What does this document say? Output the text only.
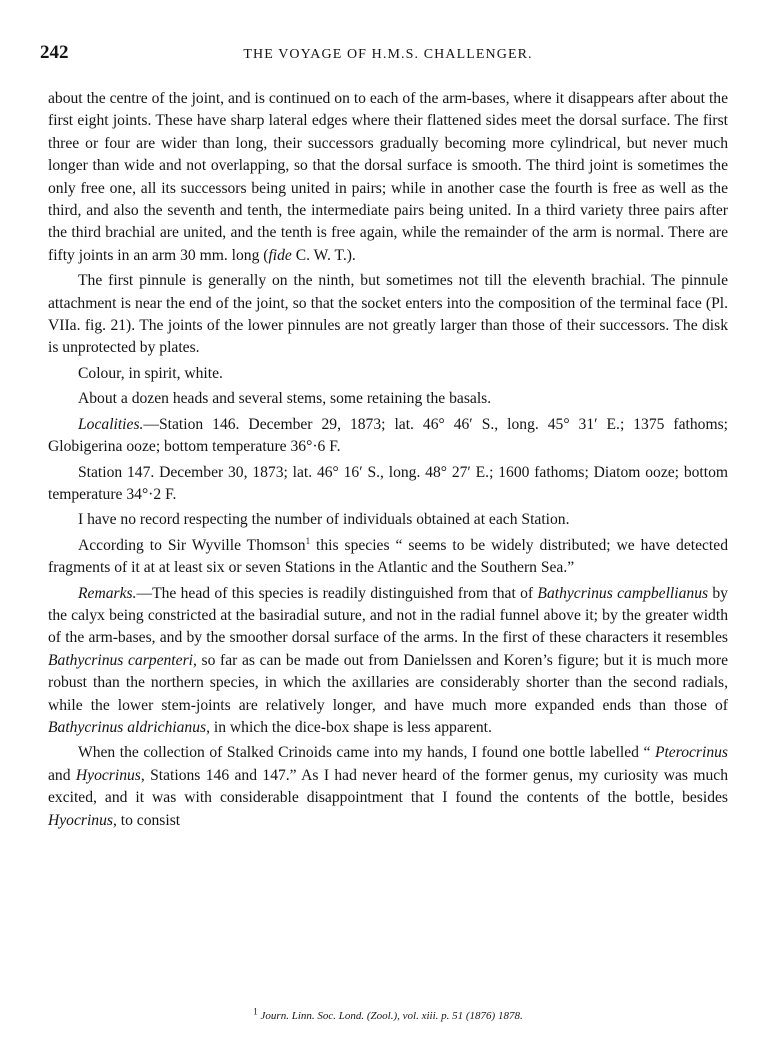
242	THE VOYAGE OF H.M.S. CHALLENGER.

about the centre of the joint, and is continued on to each of the arm-bases, where it disappears after about the first eight joints. These have sharp lateral edges where their flattened sides meet the dorsal surface. The first three or four are wider than long, their successors gradually becoming more cylindrical, but never much longer than wide and not overlapping, so that the dorsal surface is smooth. The third joint is sometimes the only free one, all its successors being united in pairs; while in another case the fourth is free as well as the third, and also the seventh and tenth, the intermediate pairs being united. In a third variety three pairs after the third brachial are united, and the tenth is free again, while the remainder of the arm is normal. There are fifty joints in an arm 30 mm. long (fide C. W. T.).

The first pinnule is generally on the ninth, but sometimes not till the eleventh brachial. The pinnule attachment is near the end of the joint, so that the socket enters into the composition of the terminal face (Pl. VIIa. fig. 21). The joints of the lower pinnules are not greatly larger than those of their successors. The disk is unprotected by plates.

Colour, in spirit, white.

About a dozen heads and several stems, some retaining the basals.

Localities.—Station 146. December 29, 1873; lat. 46° 46′ S., long. 45° 31′ E.; 1375 fathoms; Globigerina ooze; bottom temperature 36°·6 F.

Station 147. December 30, 1873; lat. 46° 16′ S., long. 48° 27′ E.; 1600 fathoms; Diatom ooze; bottom temperature 34°·2 F.

I have no record respecting the number of individuals obtained at each Station.

According to Sir Wyville Thomson$^1$ this species “ seems to be widely distributed; we have detected fragments of it at at least six or seven Stations in the Atlantic and the Southern Sea.”

Remarks.—The head of this species is readily distinguished from that of Bathycrinus campbellianus by the calyx being constricted at the basiradial suture, and not in the radial funnel above it; by the greater width of the arm-bases, and by the smoother dorsal surface of the arms. In the first of these characters it resembles Bathycrinus carpenteri, so far as can be made out from Danielssen and Koren’s figure; but it is much more robust than the northern species, in which the axillaries are considerably shorter than the second radials, while the lower stem-joints are relatively longer, and have much more expanded ends than those of Bathycrinus aldrichianus, in which the dice-box shape is less apparent.

When the collection of Stalked Crinoids came into my hands, I found one bottle labelled “ Pterocrinus and Hyocrinus, Stations 146 and 147.” As I had never heard of the former genus, my curiosity was much excited, and it was with considerable disappointment that I found the contents of the bottle, besides Hyocrinus, to consist

$^1$ Journ. Linn. Soc. Lond. (Zool.), vol. xiii. p. 51 (1876) 1878.
